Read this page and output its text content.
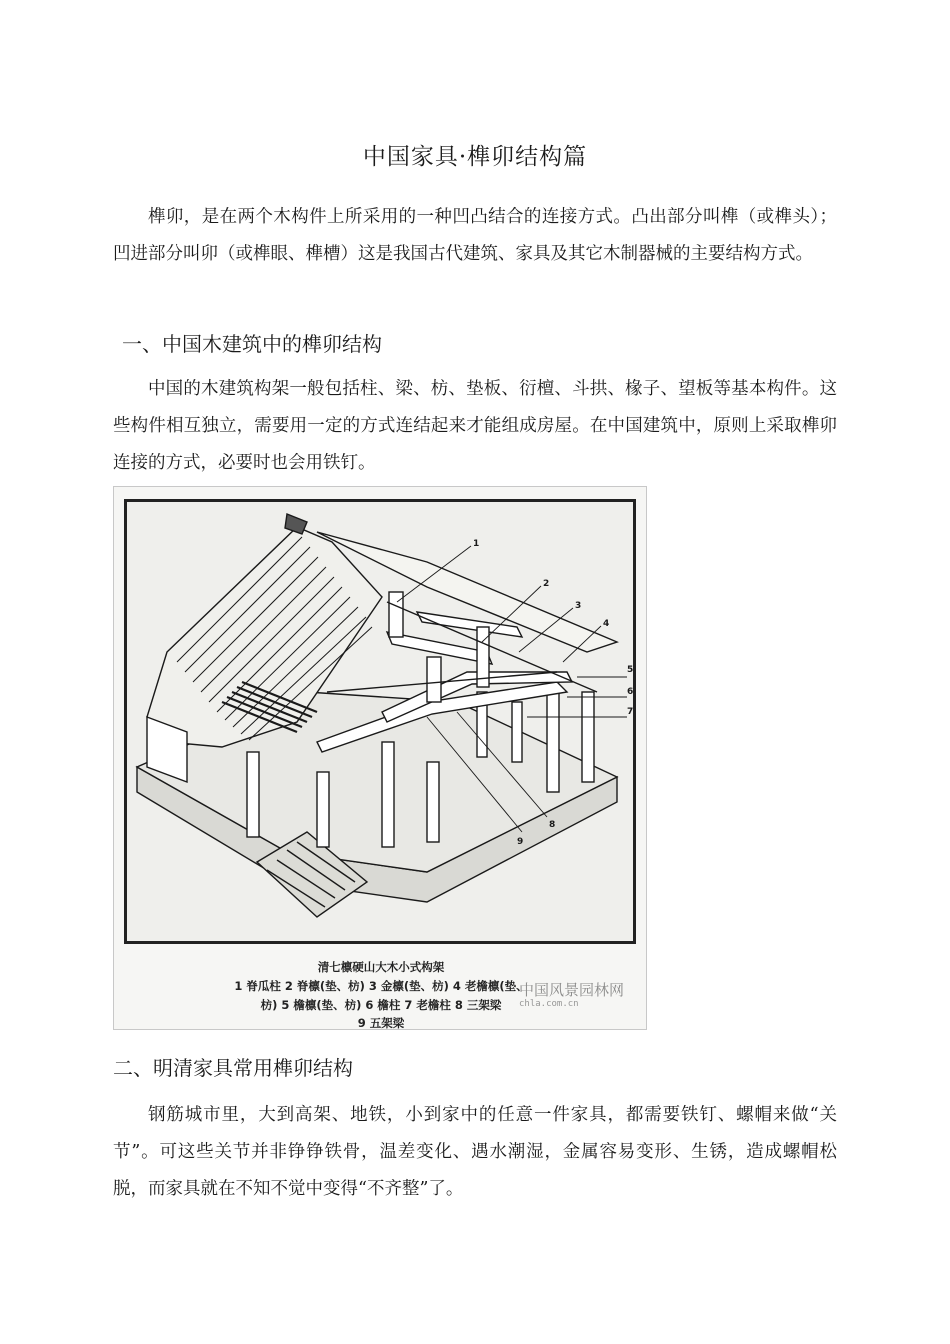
中国家具·榫卯结构篇

榫卯，是在两个木构件上所采用的一种凹凸结合的连接方式。凸出部分叫榫（或榫头）；凹进部分叫卯（或榫眼、榫槽）这是我国古代建筑、家具及其它木制器械的主要结构方式。

一、中国木建筑中的榫卯结构

中国的木建筑构架一般包括柱、梁、枋、垫板、衍檀、斗拱、椽子、望板等基本构件。这些构件相互独立，需要用一定的方式连结起来才能组成房屋。在中国建筑中，原则上采取榫卯连接的方式，必要时也会用铁钉。

1
2
3
4
5
6
7
8
9
清七檩硬山大木小式构架
1 脊瓜柱 2 脊檩(垫、枋) 3 金檩(垫、枋) 4 老檐檩(垫、
枋) 5 檐檩(垫、枋) 6 檐柱 7 老檐柱 8 三架梁
9 五架梁
中国风景园林网
chla.com.cn
二、明清家具常用榫卯结构

钢筋城市里，大到高架、地铁，小到家中的任意一件家具，都需要铁钉、螺帽来做“关节”。可这些关节并非铮铮铁骨，温差变化、遇水潮湿，金属容易变形、生锈，造成螺帽松脱，而家具就在不知不觉中变得“不齐整”了。
